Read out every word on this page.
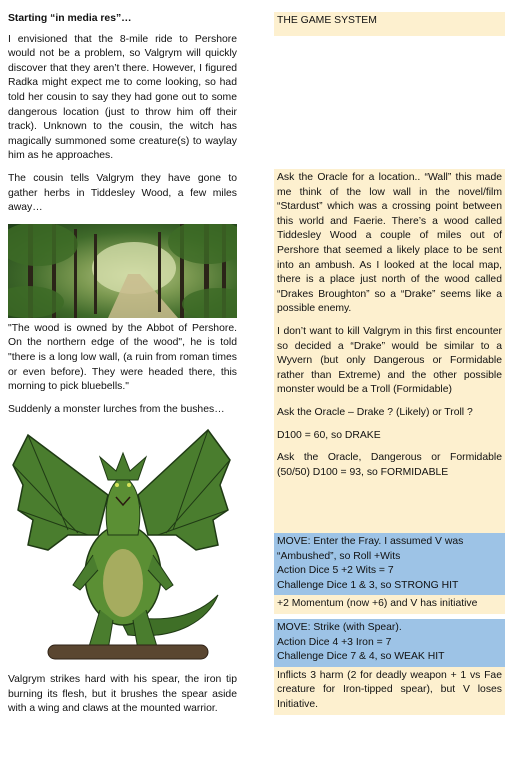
Starting “in media res”…

I envisioned that the 8-mile ride to Pershore would not be a problem, so Valgrym will quickly discover that they aren’t there. However, I figured Radka might expect me to come looking, so had told her cousin to say they had gone out to some dangerous location (just to throw him off their track). Unknown to the cousin, the witch has magically summoned some creature(s) to waylay him as he approaches.

The cousin tells Valgrym they have gone to gather herbs in Tiddesley Wood, a few miles away…

"The wood is owned by the Abbot of Pershore. On the northern edge of the wood", he is told "there is a long low wall, (a ruin from roman times or even before). They were headed there, this morning to pick bluebells."

Suddenly a monster lurches from the bushes…

Valgrym strikes hard with his spear, the iron tip burning its flesh, but it brushes the spear aside with a wing and claws at the mounted warrior.

THE GAME SYSTEM

Ask the Oracle for a location.. “Wall” this made me think of the low wall in the novel/film “Stardust” which was a crossing point between this world and Faerie. There’s a wood called Tiddesley Wood a couple of miles out of Pershore that seemed a likely place to be sent into an ambush. As I looked at the local map, there is a place just north of the wood called “Drakes Broughton” so a “Drake” seems like a possible enemy.

I don’t want to kill Valgrym in this first encounter so decided a “Drake” would be similar to a Wyvern (but only Dangerous or Formidable rather than Extreme) and the other possible monster would be a Troll (Formidable)

Ask the Oracle – Drake ? (Likely) or Troll ?

D100 = 60, so DRAKE

Ask the Oracle, Dangerous or Formidable (50/50) D100 = 93, so FORMIDABLE

MOVE: Enter the Fray. I assumed V was
“Ambushed”, so Roll +Wits
Action Dice 5 +2 Wits = 7
Challenge Dice 1 & 3, so STRONG HIT
+2 Momentum (now +6) and V has initiative
MOVE: Strike (with Spear).
Action Dice 4 +3 Iron = 7
Challenge Dice 7 & 4, so WEAK HIT

Inflicts 3 harm (2 for deadly weapon + 1 vs Fae creature for Iron-tipped spear), but V loses Initiative.
